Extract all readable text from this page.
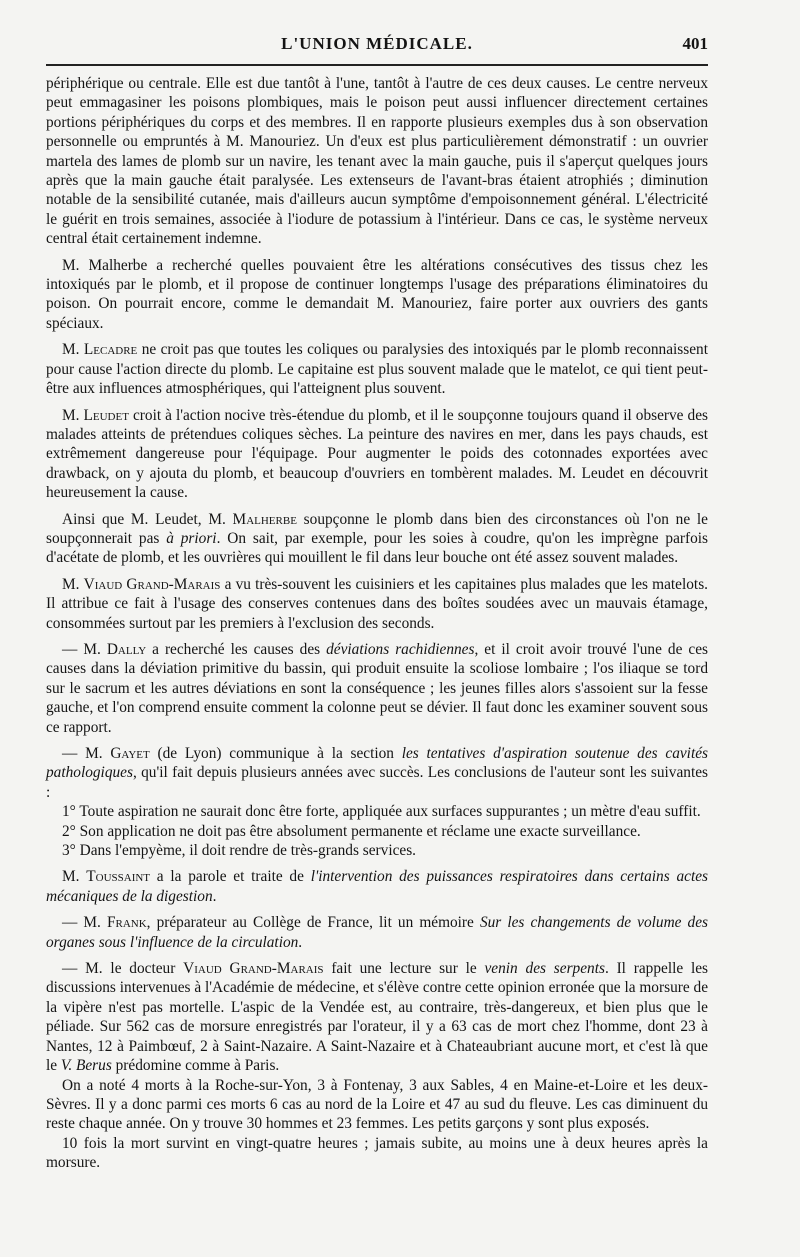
L'UNION MÉDICALE.	401

périphérique ou centrale. Elle est due tantôt à l'une, tantôt à l'autre de ces deux causes. Le centre nerveux peut emmagasiner les poisons plombiques, mais le poison peut aussi influencer directement certaines portions périphériques du corps et des membres. Il en rapporte plusieurs exemples dus à son observation personnelle ou empruntés à M. Manouriez. Un d'eux est plus particulièrement démonstratif : un ouvrier martela des lames de plomb sur un navire, les tenant avec la main gauche, puis il s'aperçut quelques jours après que la main gauche était paralysée. Les extenseurs de l'avant-bras étaient atrophiés ; diminution notable de la sensibilité cutanée, mais d'ailleurs aucun symptôme d'empoisonnement général. L'électricité le guérit en trois semaines, associée à l'iodure de potassium à l'intérieur. Dans ce cas, le système nerveux central était certainement indemne.

M. Malherbe a recherché quelles pouvaient être les altérations consécutives des tissus chez les intoxiqués par le plomb, et il propose de continuer longtemps l'usage des préparations éliminatoires du poison. On pourrait encore, comme le demandait M. Manouriez, faire porter aux ouvriers des gants spéciaux.

M. Lecadre ne croit pas que toutes les coliques ou paralysies des intoxiqués par le plomb reconnaissent pour cause l'action directe du plomb. Le capitaine est plus souvent malade que le matelot, ce qui tient peut-être aux influences atmosphériques, qui l'atteignent plus souvent.

M. Leudet croit à l'action nocive très-étendue du plomb, et il le soupçonne toujours quand il observe des malades atteints de prétendues coliques sèches. La peinture des navires en mer, dans les pays chauds, est extrêmement dangereuse pour l'équipage. Pour augmenter le poids des cotonnades exportées avec drawback, on y ajouta du plomb, et beaucoup d'ouvriers en tombèrent malades. M. Leudet en découvrit heureusement la cause.

Ainsi que M. Leudet, M. Malherbe soupçonne le plomb dans bien des circonstances où l'on ne le soupçonnerait pas à priori. On sait, par exemple, pour les soies à coudre, qu'on les imprègne parfois d'acétate de plomb, et les ouvrières qui mouillent le fil dans leur bouche ont été assez souvent malades.

M. Viaud Grand-Marais a vu très-souvent les cuisiniers et les capitaines plus malades que les matelots. Il attribue ce fait à l'usage des conserves contenues dans des boîtes soudées avec un mauvais étamage, consommées surtout par les premiers à l'exclusion des seconds.

— M. Dally a recherché les causes des déviations rachidiennes, et il croit avoir trouvé l'une de ces causes dans la déviation primitive du bassin, qui produit ensuite la scoliose lombaire ; l'os iliaque se tord sur le sacrum et les autres déviations en sont la conséquence ; les jeunes filles alors s'assoient sur la fesse gauche, et l'on comprend ensuite comment la colonne peut se dévier. Il faut donc les examiner souvent sous ce rapport.

— M. Gayet (de Lyon) communique à la section les tentatives d'aspiration soutenue des cavités pathologiques, qu'il fait depuis plusieurs années avec succès. Les conclusions de l'auteur sont les suivantes :

1° Toute aspiration ne saurait donc être forte, appliquée aux surfaces suppurantes ; un mètre d'eau suffit.

2° Son application ne doit pas être absolument permanente et réclame une exacte surveillance.

3° Dans l'empyème, il doit rendre de très-grands services.

M. Toussaint a la parole et traite de l'intervention des puissances respiratoires dans certains actes mécaniques de la digestion.

— M. Frank, préparateur au Collège de France, lit un mémoire Sur les changements de volume des organes sous l'influence de la circulation.

— M. le docteur Viaud Grand-Marais fait une lecture sur le venin des serpents. Il rappelle les discussions intervenues à l'Académie de médecine, et s'élève contre cette opinion erronée que la morsure de la vipère n'est pas mortelle. L'aspic de la Vendée est, au contraire, très-dangereux, et bien plus que le péliade. Sur 562 cas de morsure enregistrés par l'orateur, il y a 63 cas de mort chez l'homme, dont 23 à Nantes, 12 à Paimbœuf, 2 à Saint-Nazaire. A Saint-Nazaire et à Chateaubriant aucune mort, et c'est là que le V. Berus prédomine comme à Paris.

On a noté 4 morts à la Roche-sur-Yon, 3 à Fontenay, 3 aux Sables, 4 en Maine-et-Loire et les deux-Sèvres. Il y a donc parmi ces morts 6 cas au nord de la Loire et 47 au sud du fleuve. Les cas diminuent du reste chaque année. On y trouve 30 hommes et 23 femmes. Les petits garçons y sont plus exposés.

10 fois la mort survint en vingt-quatre heures ; jamais subite, au moins une à deux heures après la morsure.
